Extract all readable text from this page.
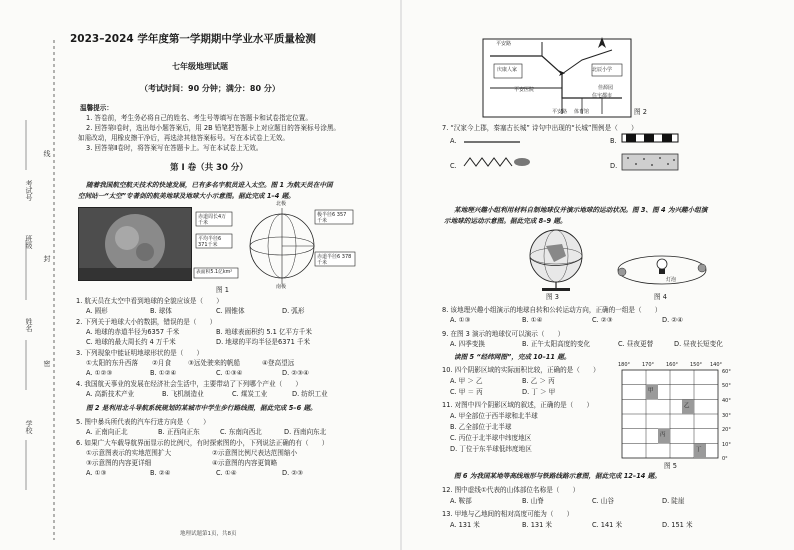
线
封
密
考试号
班级
姓名
学校
2023–2024 学年度第一学期期中学业水平质量检测
七年级地理试题
（考试时间：90 分钟；满分：80 分）
温馨提示：
1. 答卷前，考生务必将自己的姓名、考生号等填写在答题卡和试卷指定位置。
2. 回答第Ⅰ卷时，选出每小题答案后，用 2B 铅笔把答题卡上对应题目的答案标号涂黑。
如需改动，用橡皮擦干净后，再选涂其他答案标号。写在本试卷上无效。
3. 回答第Ⅱ卷时，将答案写在答题卡上。写在本试卷上无效。
第 Ⅰ 卷（共 30 分）
随着我国航空航天技术的快速发展，已有多名宇航员进入太空。图 1 为航天员在中国
空间站一“太空”专著剑的航美地球及地球大小示意图。据此完成 1–4 题。
赤道周长4万千米
平均半径6 371千米
表面积5.1亿km²
极半径6 357千米
赤道半径6 378千米
北极
南极
图 1
1. 航天员在太空中看到地球的全貌应该是（　　）
A. 圆形	B. 球体	C. 圆锥体	D. 弧形
2. 下列关于地球大小的数据，错误的是（　　）
A. 地球的赤道半径为6357 千米	B. 地球表面积约 5.1 亿平方千米
C. 地球的最大周长约 4 万千米	D. 地球的平均半径是6371 千米
3. 下列现象中能证明地球形状的是（　　）
①太阳的东升西落 ②月食	③远处驶来的帆船	④登高望远
A. ①②③	B. ①②④	C. ①③④	D. ②③④
4. 我国航天事业的发展在经济社会生活中，主要带动了下列哪个产业（　　）
A. 高新技术产业	B. 飞机制造业	C. 煤炭工业	D. 纺织工业
图 2 是利用北斗导航系统规划的某城市中学生步行路线图，据此完成 5–6 题。
5. 图中暴兵所代表的汽车行进方向是（　　）
A. 正南向正北	B. 正西向正东	C. 东南向西北	D. 西南向东北
6. 如果广大车载导航界面显示的比例尺，有时探索图的小，下列说法正确的有（　　）
①示意图表示的实地范围扩大	②示意图比例尺表达范围缩小
③示意图的内容更详细	④示意图的内容更简略
A. ①③	B. ②④	C. ①④	D. ②③
地理试题第1页，共8页
平安路
庆康人家	北辰小学
佳源园
住宅都市
平安医院
平安路 体育馆
➤
图 2
7. “汉家今上郡，秦塞古长城” 诗句中出现的“长城”图例是（　　）
A.	B.
C.	D.
某地理兴趣小组利用材料自制地球仪并演示地球的运动状况。图 3、图 4 为兴趣小组演
示地球的运动示意图。据此完成 8–9 题。
图 3
灯泡
图 4
8. 该地理兴趣小组演示的地球自转和公转运动方向，正确的一组是（　　）
A. ①③	B. ①④	C. ②③	D. ②④
9. 在图 3 演示的地球仪可以演示（　　）
A. 四季变换	B. 正午太阳高度的变化	C. 昼夜更替	D. 昼夜长短变化
读图 5 “经纬网图”，完成 10–11 题。
10. 四个阴影区域的实际面积比较，正确的是（　　）
A. 甲 ＞ 乙	B. 乙 ＞ 丙
C. 甲 ＝ 丙	D. 丁 ＞ 甲
11. 对图中四个阴影区域的叙述，正确的是（　　）
A. 甲全部位于西半球和北半球
B. 乙全部位于北半球
C. 丙位于北半球中纬度地区
D. 丁位于东半球低纬度地区
180° 170° 160° 150° 140°
60°
50°
40°
30°
20°
10°
0°
甲
乙
丙
丁
图 5
图 6 为我国某地等高线地形与铁路线路示意图，据此完成 12–14 题。
12. 图中虚线①代表的山体部位名称是（　　）
A. 鞍部	B. 山脊	C. 山谷	D. 陡崖
13. 甲地与乙地间的相对高度可能为（　　）
A. 131 米	B. 131 米	C. 141 米	D. 151 米
